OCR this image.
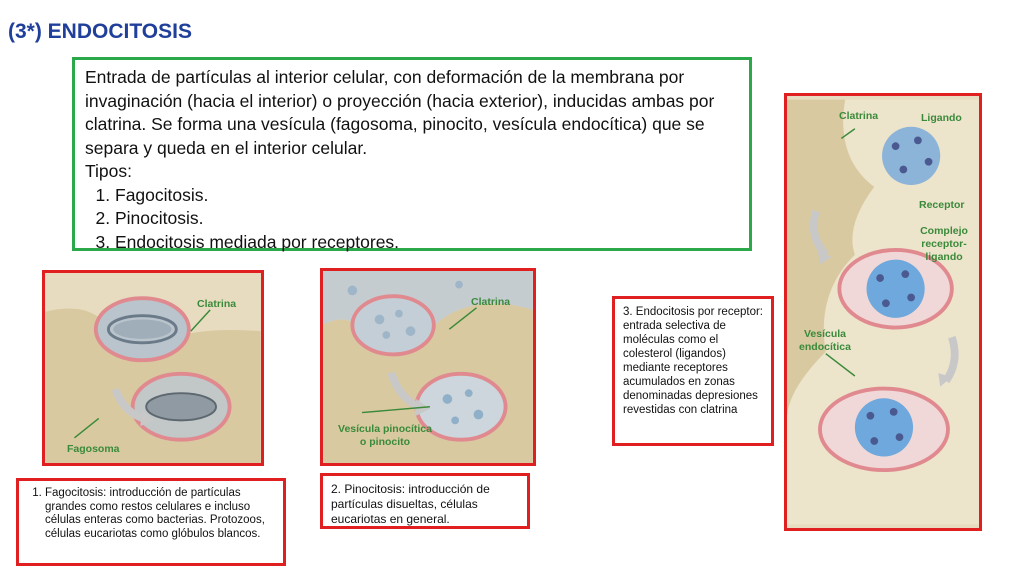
(3*) ENDOCITOSIS

Entrada de partículas al interior celular, con deformación de la membrana por invaginación (hacia el interior) o proyección (hacia exterior), inducidas ambas por clatrina. Se forma una vesícula (fagosoma, pinocito, vesícula endocítica) que se separa y queda en el interior celular.

Tipos:

1. Fagocitosis.
2. Pinocitosis.
3. Endocitosis mediada por receptores.
Clatrina
Fagosoma
Clatrina
Vesícula pinocítica
o pinocito
Clatrina	Ligando
Receptor
Complejo
receptor-
ligando
Vesícula
endocítica
1. Fagocitosis: introducción de partículas grandes como restos celulares e incluso células enteras como bacterias. Protozoos, células eucariotas como glóbulos blancos.
2. Pinocitosis: introducción de partículas disueltas, células eucariotas en general.
3. Endocitosis por receptor: entrada selectiva de moléculas como el colesterol (ligandos) mediante receptores acumulados en zonas denominadas depresiones revestidas con clatrina
